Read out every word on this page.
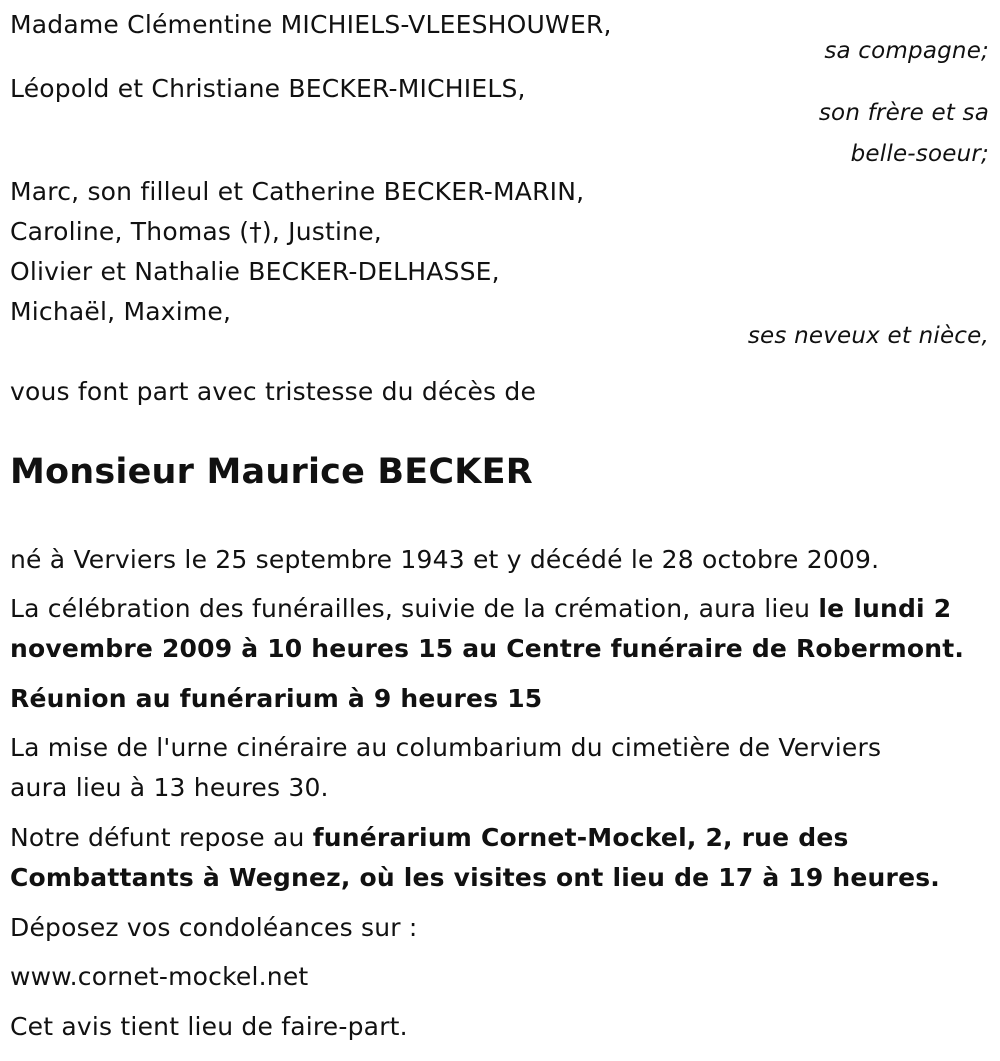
Madame Clémentine MICHIELS-VLEESHOUWER,
sa compagne;
Léopold et Christiane BECKER-MICHIELS,
son frère et sa
belle-soeur;
Marc, son filleul et Catherine BECKER-MARIN,
Caroline, Thomas (†), Justine,
Olivier et Nathalie BECKER-DELHASSE,
Michaël, Maxime,
ses neveux et nièce,
vous font part avec tristesse du décès de
Monsieur Maurice BECKER
né à Verviers le 25 septembre 1943 et y décédé le 28 octobre 2009.
La célébration des funérailles, suivie de la crémation, aura lieu le lundi 2
novembre 2009 à 10 heures 15 au Centre funéraire de Robermont.
Réunion au funérarium à 9 heures 15
La mise de l'urne cinéraire au columbarium du cimetière de Verviers
aura lieu à 13 heures 30.
Notre défunt repose au funérarium Cornet-Mockel, 2, rue des
Combattants à Wegnez, où les visites ont lieu de 17 à 19 heures.
Déposez vos condoléances sur :
www.cornet-mockel.net
Cet avis tient lieu de faire-part.
